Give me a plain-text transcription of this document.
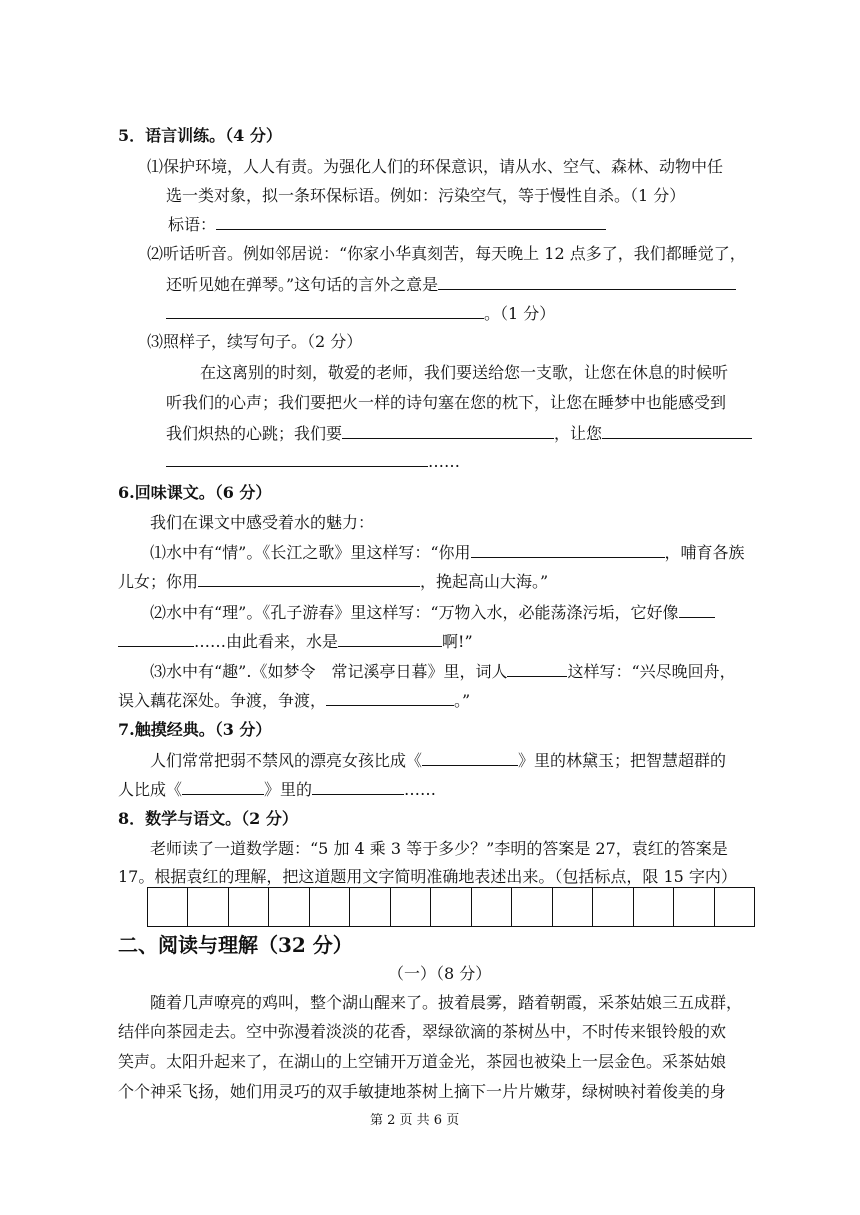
5．语言训练。（4 分）
⑴保护环境，人人有责。为强化人们的环保意识，请从水、空气、森林、动物中任
选一类对象，拟一条环保标语。例如：污染空气，等于慢性自杀。（1 分）
标语：
⑵听话听音。例如邻居说：“你家小华真刻苦，每天晚上 12 点多了，我们都睡觉了，
还听见她在弹琴。”这句话的言外之意是
。（1 分）
⑶照样子，续写句子。（2 分）
在这离别的时刻，敬爱的老师，我们要送给您一支歌，让您在休息的时候听
听我们的心声；我们要把火一样的诗句塞在您的枕下，让您在睡梦中也能感受到
我们炽热的心跳；我们要	，让您
……
6.回味课文。（6 分）
我们在课文中感受着水的魅力：
⑴水中有“情”。《长江之歌》里这样写：“你用	，哺育各族
儿女；你用	，挽起高山大海。”
⑵水中有“理”。《孔子游春》里这样写：“万物入水，必能荡涤污垢，它好像
……由此看来，水是	啊!”
⑶水中有“趣”.《如梦令　常记溪亭日暮》里，词人	这样写：“兴尽晚回舟，
误入藕花深处。争渡，争渡，	。”
7.触摸经典。（3 分）
人们常常把弱不禁风的漂亮女孩比成《	》里的林黛玉；把智慧超群的
人比成《	》里的	……
8．数学与语文。（2 分）
老师读了一道数学题：“5 加 4 乘 3 等于多少？”李明的答案是 27，袁红的答案是
17。根据袁红的理解，把这道题用文字简明准确地表述出来。（包括标点，限 15 字内）
二、阅读与理解（32 分）
（一）（8 分）
随着几声嘹亮的鸡叫，整个湖山醒来了。披着晨雾，踏着朝霞，采茶姑娘三五成群，
结伴向茶园走去。空中弥漫着淡淡的花香，翠绿欲滴的茶树丛中，不时传来银铃般的欢
笑声。太阳升起来了，在湖山的上空铺开万道金光，茶园也被染上一层金色。采茶姑娘
个个神采飞扬，她们用灵巧的双手敏捷地茶树上摘下一片片嫩芽，绿树映衬着俊美的身
第 2 页 共 6 页
